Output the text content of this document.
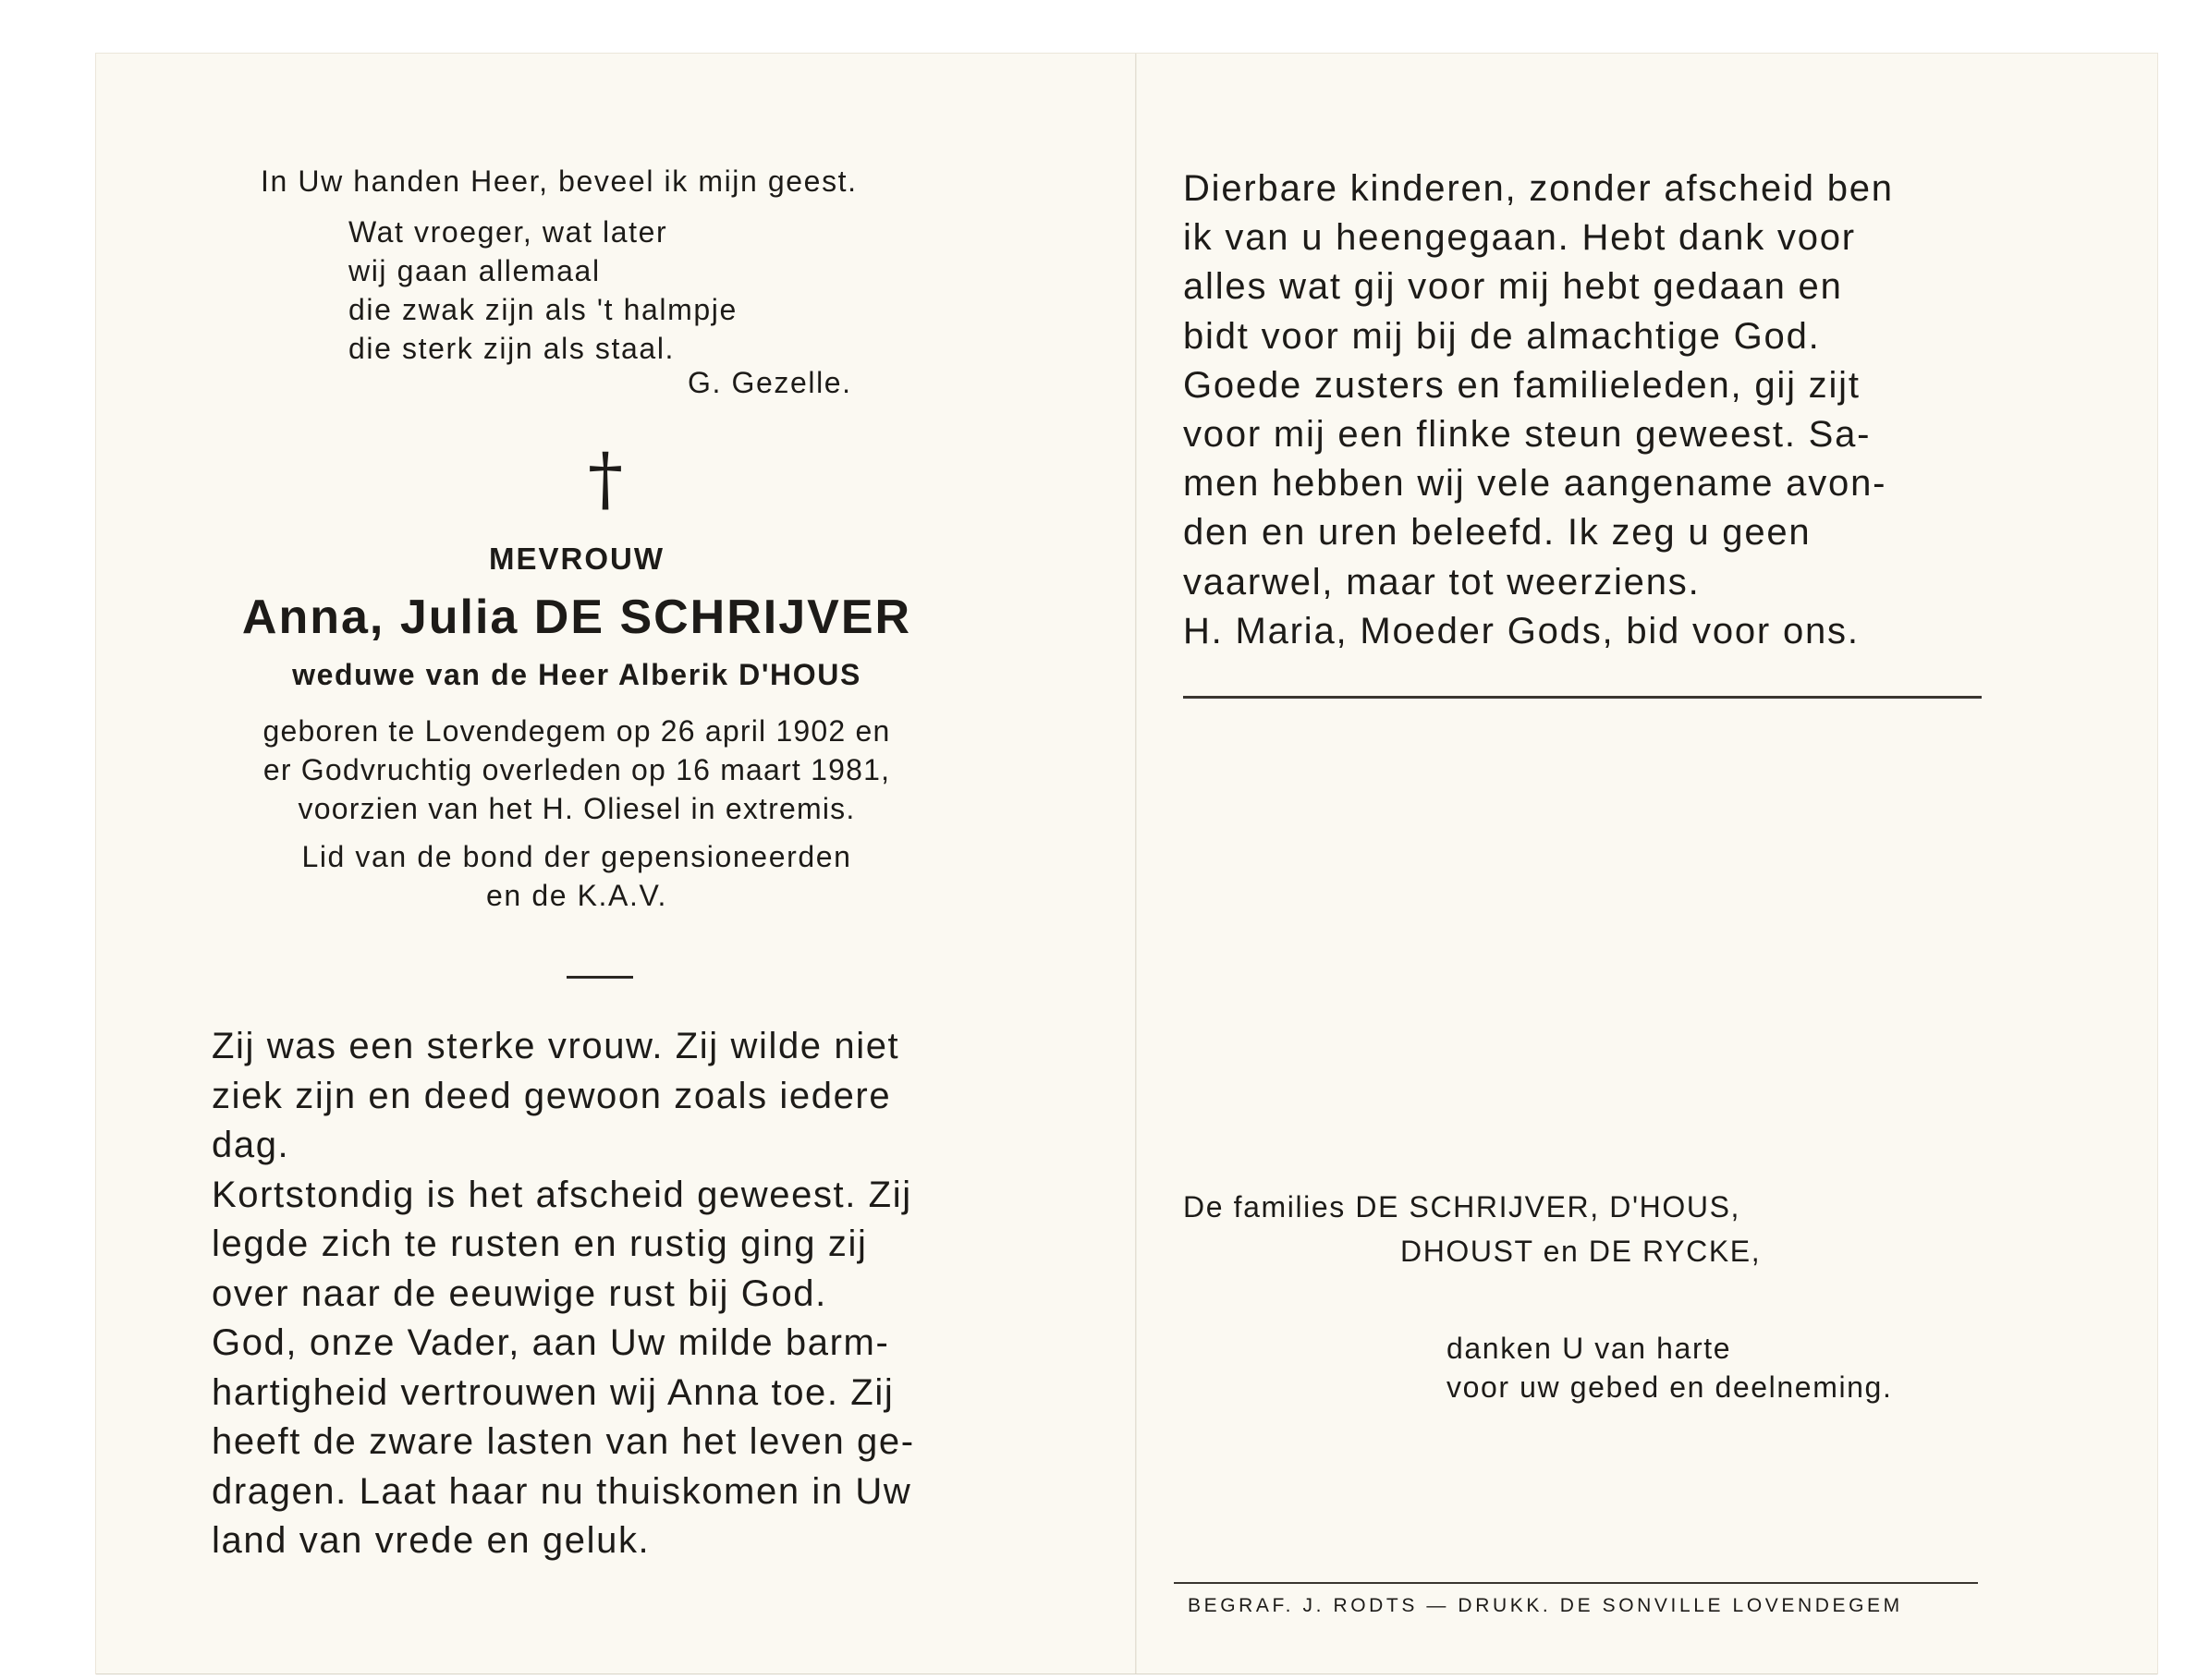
In Uw handen Heer, beveel ik mijn geest.
Wat vroeger, wat later
wij gaan allemaal
die zwak zijn als 't halmpje
die sterk zijn als staal.
G. Gezelle.
†
MEVROUW
Anna, Julia DE SCHRIJVER
weduwe van de Heer Alberik D'HOUS
geboren te Lovendegem op 26 april 1902 en
er Godvruchtig overleden op 16 maart 1981,
voorzien van het H. Oliesel in extremis.
Lid van de bond der gepensioneerden
en de K.A.V.
Zij was een sterke vrouw. Zij wilde niet
ziek zijn en deed gewoon zoals iedere
dag.
Kortstondig is het afscheid geweest. Zij
legde zich te rusten en rustig ging zij
over naar de eeuwige rust bij God.
God, onze Vader, aan Uw milde barm-
hartigheid vertrouwen wij Anna toe. Zij
heeft de zware lasten van het leven ge-
dragen. Laat haar nu thuiskomen in Uw
land van vrede en geluk.
Dierbare kinderen, zonder afscheid ben
ik van u heengegaan. Hebt dank voor
alles wat gij voor mij hebt gedaan en
bidt voor mij bij de almachtige God.
Goede zusters en familieleden, gij zijt
voor mij een flinke steun geweest. Sa-
men hebben wij vele aangename avon-
den en uren beleefd. Ik zeg u geen
vaarwel, maar tot weerziens.
H. Maria, Moeder Gods, bid voor ons.
De families DE SCHRIJVER, D'HOUS,
DHOUST en DE RYCKE,
danken U van harte
voor uw gebed en deelneming.
BEGRAF. J. RODTS — DRUKK. DE SONVILLE LOVENDEGEM
